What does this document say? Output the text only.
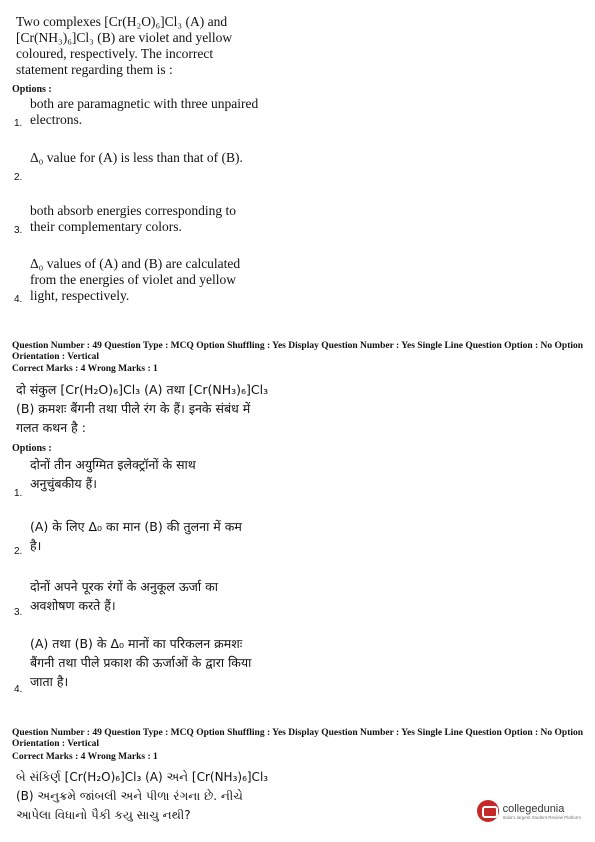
Two complexes [Cr(H₂O)₆]Cl₃ (A) and [Cr(NH₃)₆]Cl₃ (B) are violet and yellow coloured, respectively. The incorrect statement regarding them is :
Options :
both are paramagnetic with three unpaired electrons.
1.
Δ₀ value for (A) is less than that of (B).
2.
both absorb energies corresponding to their complementary colors.
3.
Δ₀ values of (A) and (B) are calculated from the energies of violet and yellow light, respectively.
4.
Question Number : 49 Question Type : MCQ Option Shuffling : Yes Display Question Number : Yes Single Line Question Option : No Option Orientation : Vertical
Correct Marks : 4 Wrong Marks : 1
दो संकुल [Cr(H₂O)₆]Cl₃ (A) तथा [Cr(NH₃)₆]Cl₃ (B) क्रमशः बैंगनी तथा पीले रंग के हैं। इनके संबंध में गलत कथन है :
Options :
दोनों तीन अयुग्मित इलेक्ट्रॉनों के साथ अनुचुंबकीय हैं।
1.
(A) के लिए Δ₀ का मान (B) की तुलना में कम है।
2.
दोनों अपने पूरक रंगों के अनुकूल ऊर्जा का अवशोषण करते हैं।
3.
(A) तथा (B) के Δ₀ मानों का परिकलन क्रमशः बैंगनी तथा पीले प्रकाश की ऊर्जाओं के द्वारा किया जाता है।
4.
Question Number : 49 Question Type : MCQ Option Shuffling : Yes Display Question Number : Yes Single Line Question Option : No Option Orientation : Vertical
Correct Marks : 4 Wrong Marks : 1
બે સંકિર્ણ [Cr(H₂O)₆]Cl₃ (A) અને [Cr(NH₃)₆]Cl₃ (B) અનુક્રમે જાંબલી અને પીળા રંગના છે. નીચે આપેલા વિધાનો પૈકી કયુ સાચુ નથી?	collegedunia
India's largest Student Review Platform
